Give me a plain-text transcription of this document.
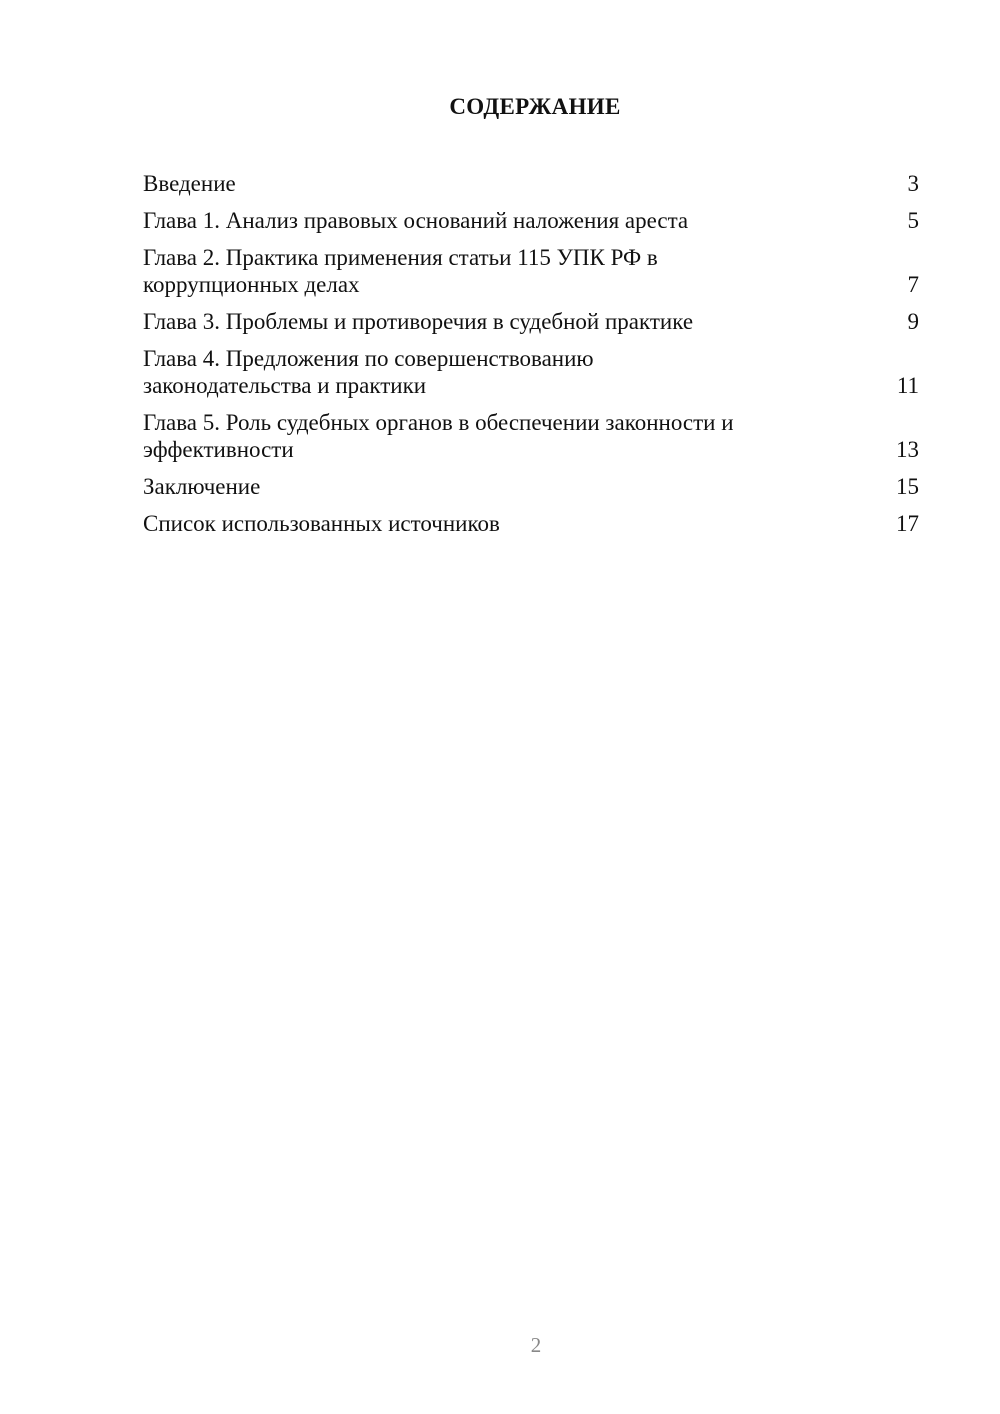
СОДЕРЖАНИЕ
Введение	3
Глава 1. Анализ правовых оснований наложения ареста	5
Глава 2. Практика применения статьи 115 УПК РФ в коррупционных делах	7
Глава 3. Проблемы и противоречия в судебной практике	9
Глава 4. Предложения по совершенствованию законодательства и практики	11
Глава 5. Роль судебных органов в обеспечении законности и эффективности	13
Заключение	15
Список использованных источников	17
2
